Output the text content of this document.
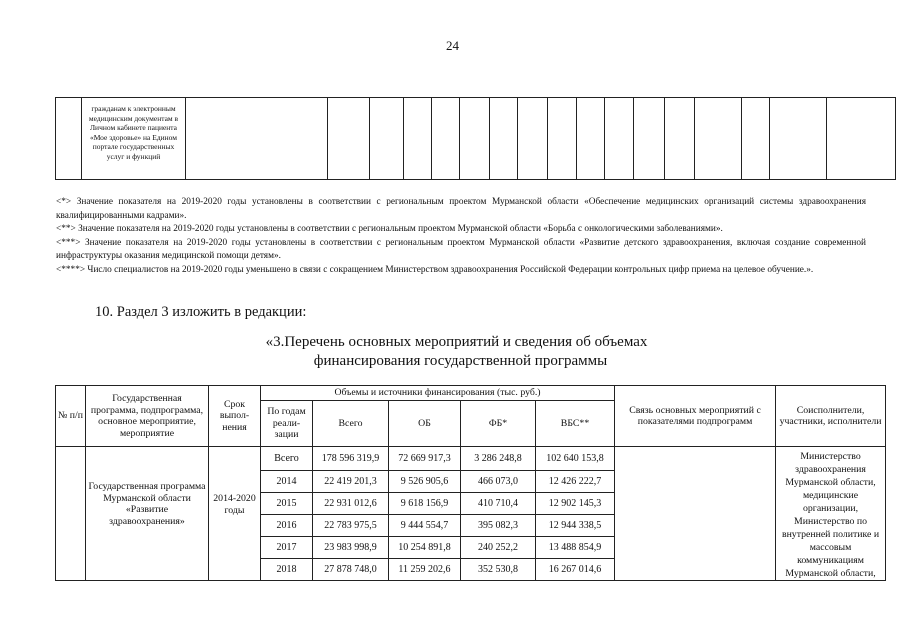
24
	гражданам к электронным медицинским документам в Личном кабинете пациента «Мое здоровье» на Едином портале государственных услуг и функций																	

<*> Значение показателя на 2019-2020 годы установлены в соответствии с региональным проектом Мурманской области «Обеспечение медицинских организаций системы здравоохранения квалифицированными кадрами».

<**> Значение показателя на 2019-2020 годы установлены в соответствии с региональным проектом Мурманской области «Борьба с онкологическими заболеваниями».

<***> Значение показателя на 2019-2020 годы установлены в соответствии с региональным проектом Мурманской области «Развитие детского здравоохранения, включая создание современной инфраструктуры оказания медицинской помощи детям».

<****> Число специалистов на 2019-2020 годы уменьшено в связи с сокращением Министерством здравоохранения Российской Федерации контрольных цифр приема на целевое обучение.».

10. Раздел 3 изложить в редакции:
«3.Перечень основных мероприятий и сведения об объемах
финансирования государственной программы
№ п/п	Государственная программа, подпрограмма, основное мероприятие, мероприятие	Срок выпол-нения	Объемы и источники финансирования (тыс. руб.)					Связь основных мероприятий с показателями подпрограмм	Соисполнители, участники, исполнители
			По годам реали-зации	Всего	ОБ	ФБ*	ВБС**		
	Государственная программа Мурманской области «Развитие здравоохранения»	2014-2020 годы	Всего	178 596 319,9	72 669 917,3	3 286 248,8	102 640 153,8		Министерство здравоохранения Мурманской области, медицинские организации, Министерство по внутренней политике и массовым коммуникациям Мурманской области,
			2014	22 419 201,3	9 526 905,6	466 073,0	12 426 222,7		
			2015	22 931 012,6	9 618 156,9	410 710,4	12 902 145,3		
			2016	22 783 975,5	9 444 554,7	395 082,3	12 944 338,5		
			2017	23 983 998,9	10 254 891,8	240 252,2	13 488 854,9		
			2018	27 878 748,0	11 259 202,6	352 530,8	16 267 014,6		
